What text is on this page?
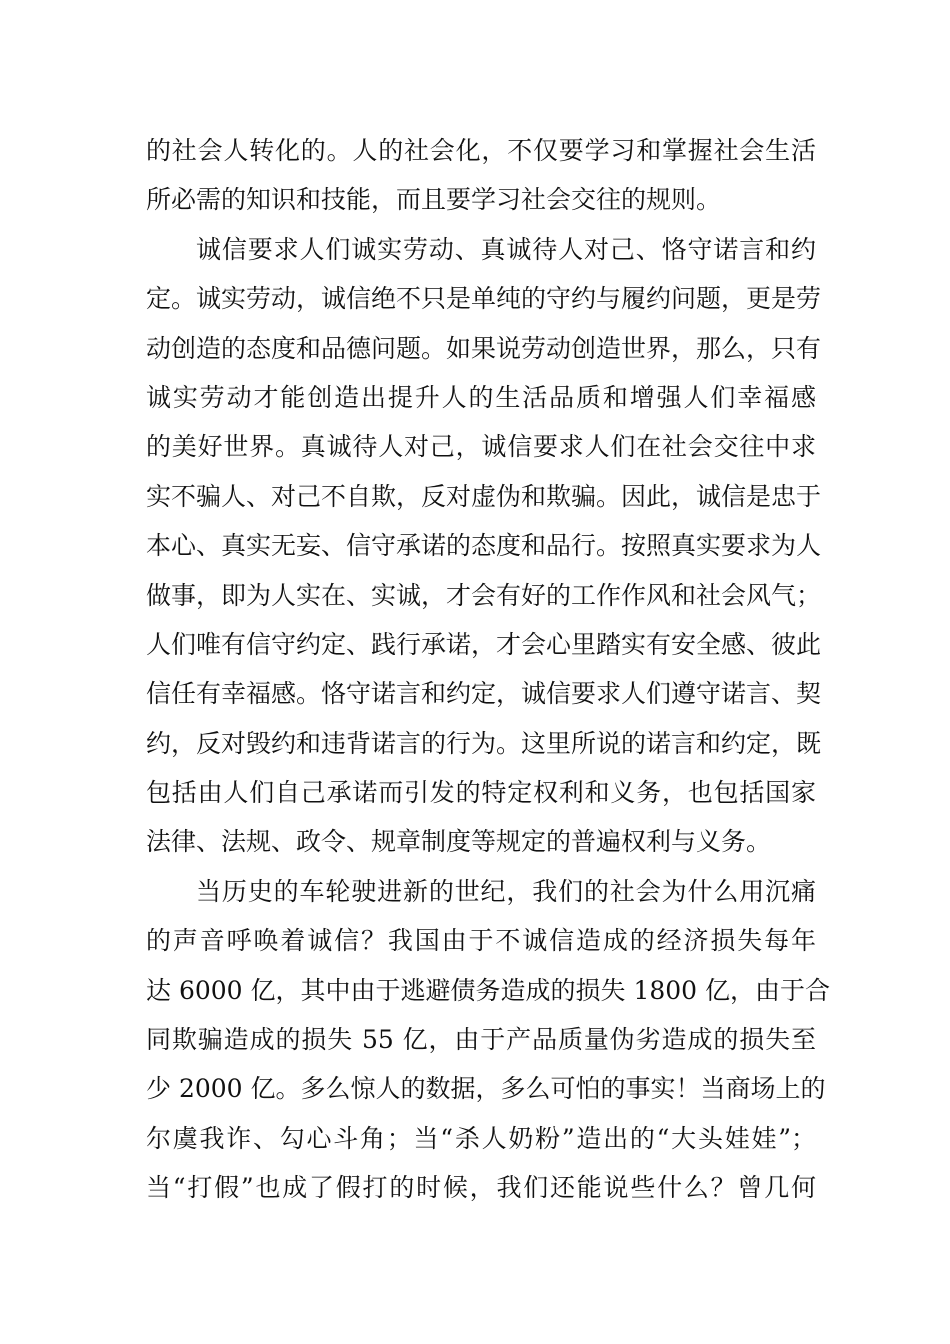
的社会人转化的。人的社会化，不仅要学习和掌握社会生活
所必需的知识和技能，而且要学习社会交往的规则。
诚信要求人们诚实劳动、真诚待人对己、恪守诺言和约
定。诚实劳动，诚信绝不只是单纯的守约与履约问题，更是劳
动创造的态度和品德问题。如果说劳动创造世界，那么，只有
诚实劳动才能创造出提升人的生活品质和增强人们幸福感
的美好世界。真诚待人对己，诚信要求人们在社会交往中求
实不骗人、对己不自欺，反对虚伪和欺骗。因此，诚信是忠于
本心、真实无妄、信守承诺的态度和品行。按照真实要求为人
做事，即为人实在、实诚，才会有好的工作作风和社会风气；
人们唯有信守约定、践行承诺，才会心里踏实有安全感、彼此
信任有幸福感。恪守诺言和约定，诚信要求人们遵守诺言、契
约，反对毁约和违背诺言的行为。这里所说的诺言和约定，既
包括由人们自己承诺而引发的特定权利和义务，也包括国家
法律、法规、政令、规章制度等规定的普遍权利与义务。
当历史的车轮驶进新的世纪，我们的社会为什么用沉痛
的声音呼唤着诚信？我国由于不诚信造成的经济损失每年
达 6000 亿，其中由于逃避债务造成的损失 1800 亿，由于合
同欺骗造成的损失 55 亿，由于产品质量伪劣造成的损失至
少 2000 亿。多么惊人的数据，多么可怕的事实！当商场上的
尔虞我诈、勾心斗角；当“杀人奶粉”造出的“大头娃娃”；
当“打假”也成了假打的时候，我们还能说些什么？曾几何
